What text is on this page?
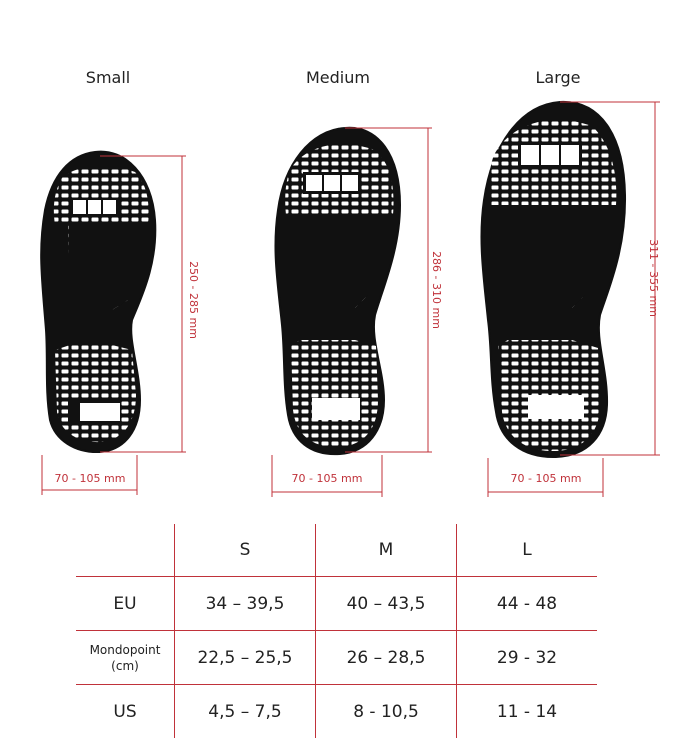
Small	Medium	Large
70 - 105 mm	70 - 105 mm	70 - 105 mm
250 - 285 mm	286 - 310 mm	311 - 355 mm
	S	M	L
EU	34 – 39,5	40 – 43,5	44 - 48

Mondopoint
(cm)	22,5 – 25,5	26 – 28,5	29 - 32
US	4,5 – 7,5	8 - 10,5	11 - 14
